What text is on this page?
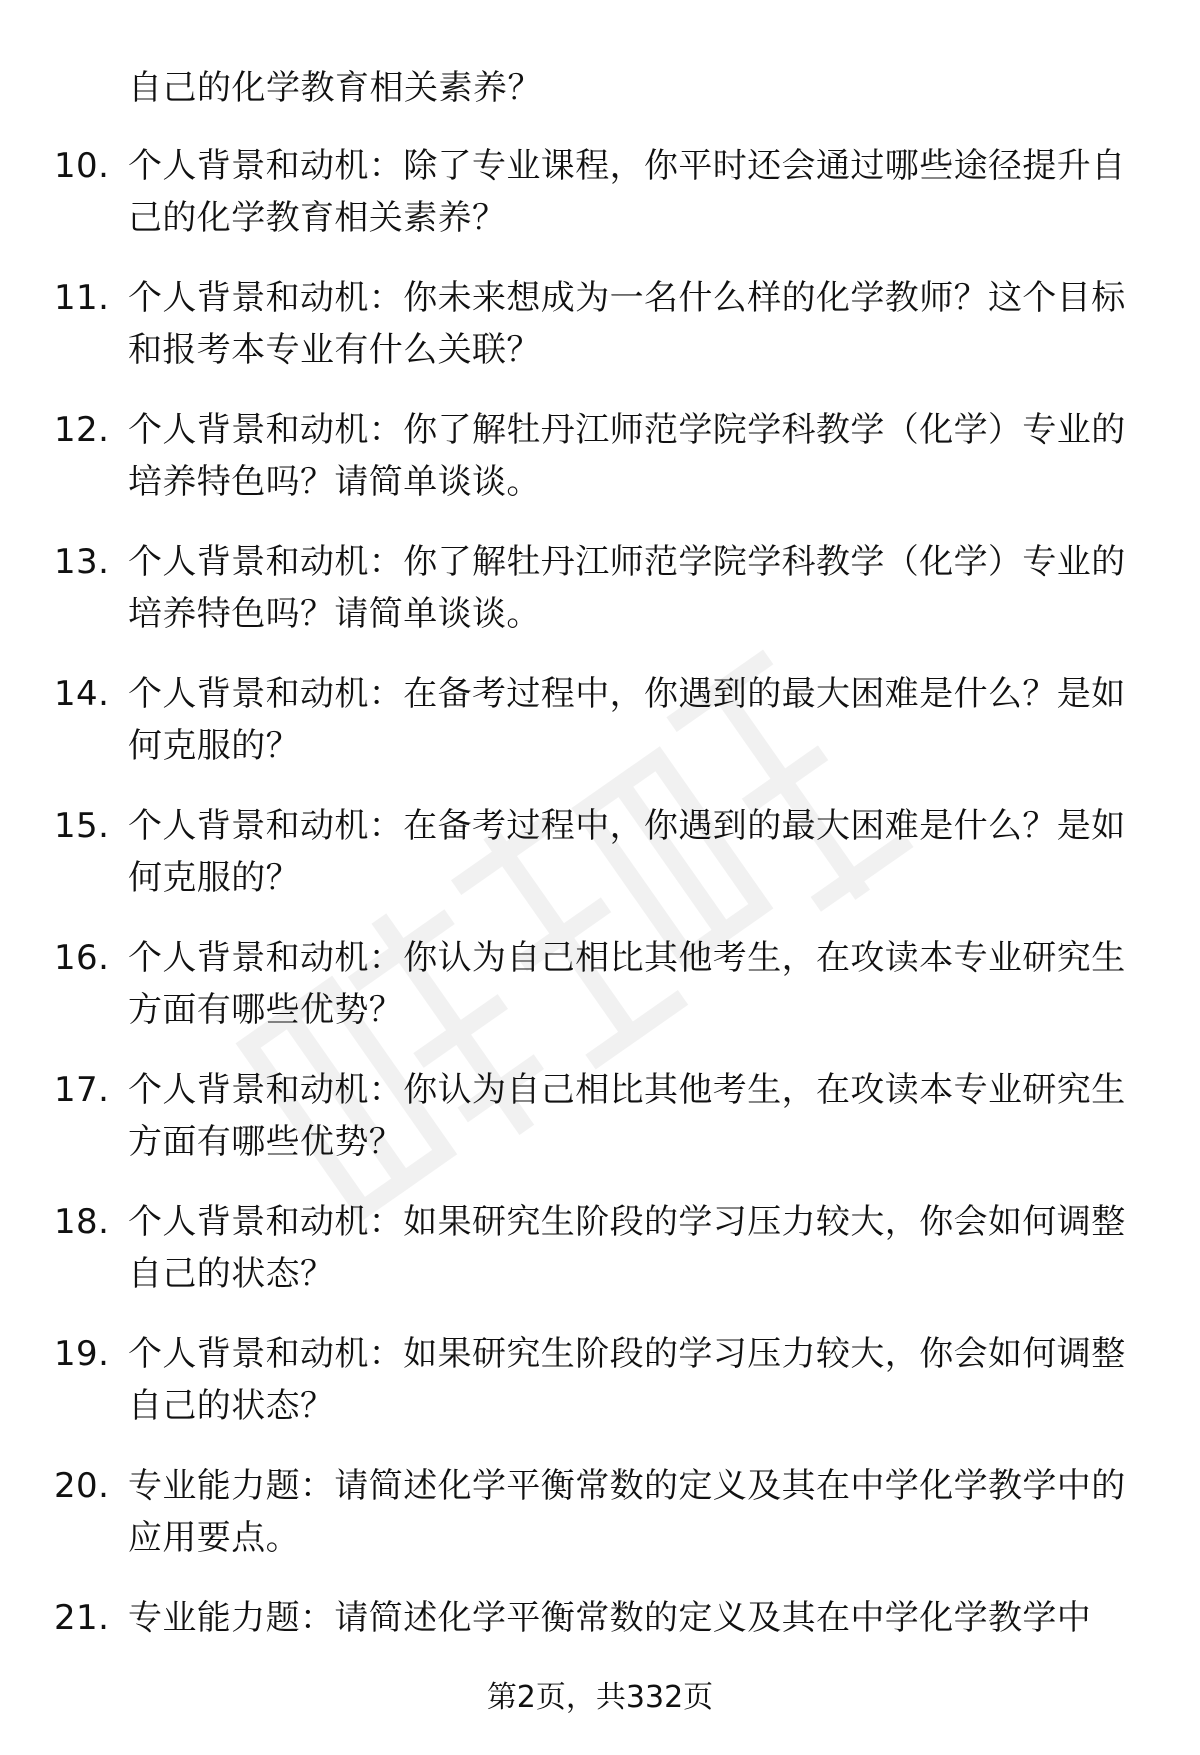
自己的化学教育相关素养？
10. 个人背景和动机：除了专业课程，你平时还会通过哪些途径提升自己的化学教育相关素养？
11. 个人背景和动机：你未来想成为一名什么样的化学教师？这个目标和报考本专业有什么关联？
12. 个人背景和动机：你了解牡丹江师范学院学科教学（化学）专业的培养特色吗？请简单谈谈。
13. 个人背景和动机：你了解牡丹江师范学院学科教学（化学）专业的培养特色吗？请简单谈谈。
14. 个人背景和动机：在备考过程中，你遇到的最大困难是什么？是如何克服的？
15. 个人背景和动机：在备考过程中，你遇到的最大困难是什么？是如何克服的？
16. 个人背景和动机：你认为自己相比其他考生，在攻读本专业研究生方面有哪些优势？
17. 个人背景和动机：你认为自己相比其他考生，在攻读本专业研究生方面有哪些优势？
18. 个人背景和动机：如果研究生阶段的学习压力较大，你会如何调整自己的状态？
19. 个人背景和动机：如果研究生阶段的学习压力较大，你会如何调整自己的状态？
20. 专业能力题：请简述化学平衡常数的定义及其在中学化学教学中的应用要点。
21. 专业能力题：请简述化学平衡常数的定义及其在中学化学教学中
第2页，共332页
